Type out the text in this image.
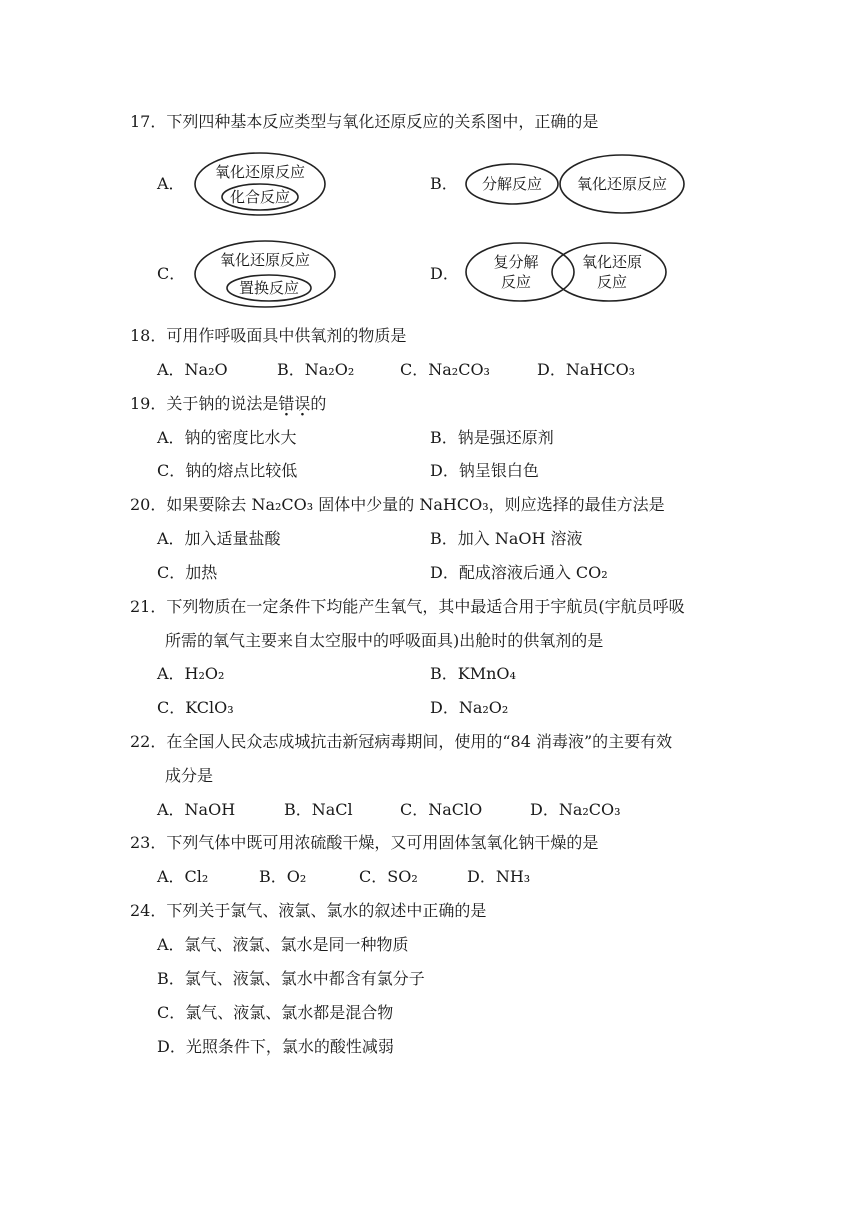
17．下列四种基本反应类型与氧化还原反应的关系图中，正确的是
A．
氧化还原反应
化合反应
B． 分解反应 氧化还原反应
C．
氧化还原反应
置换反应
D．
复分解
反应
氧化还原
反应
18．可用作呼吸面具中供氧剂的物质是
A．Na₂O	B．Na₂O₂	C．Na₂CO₃	D．NaHCO₃
19．关于钠的说法是错误的
A．钠的密度比水大	B．钠是强还原剂
C．钠的熔点比较低	D．钠呈银白色
20．如果要除去 Na₂CO₃ 固体中少量的 NaHCO₃，则应选择的最佳方法是
A．加入适量盐酸	B．加入 NaOH 溶液
C．加热	D．配成溶液后通入 CO₂
21．下列物质在一定条件下均能产生氧气，其中最适合用于宇航员(宇航员呼吸
所需的氧气主要来自太空服中的呼吸面具)出舱时的供氧剂的是
A．H₂O₂	B．KMnO₄
C．KClO₃	D．Na₂O₂
22．在全国人民众志成城抗击新冠病毒期间，使用的“84 消毒液”的主要有效
成分是
A．NaOH	B．NaCl	C．NaClO	D．Na₂CO₃
23．下列气体中既可用浓硫酸干燥，又可用固体氢氧化钠干燥的是
A．Cl₂	B．O₂	C．SO₂	D．NH₃
24．下列关于氯气、液氯、氯水的叙述中正确的是
A．氯气、液氯、氯水是同一种物质
B．氯气、液氯、氯水中都含有氯分子
C．氯气、液氯、氯水都是混合物
D．光照条件下，氯水的酸性减弱
